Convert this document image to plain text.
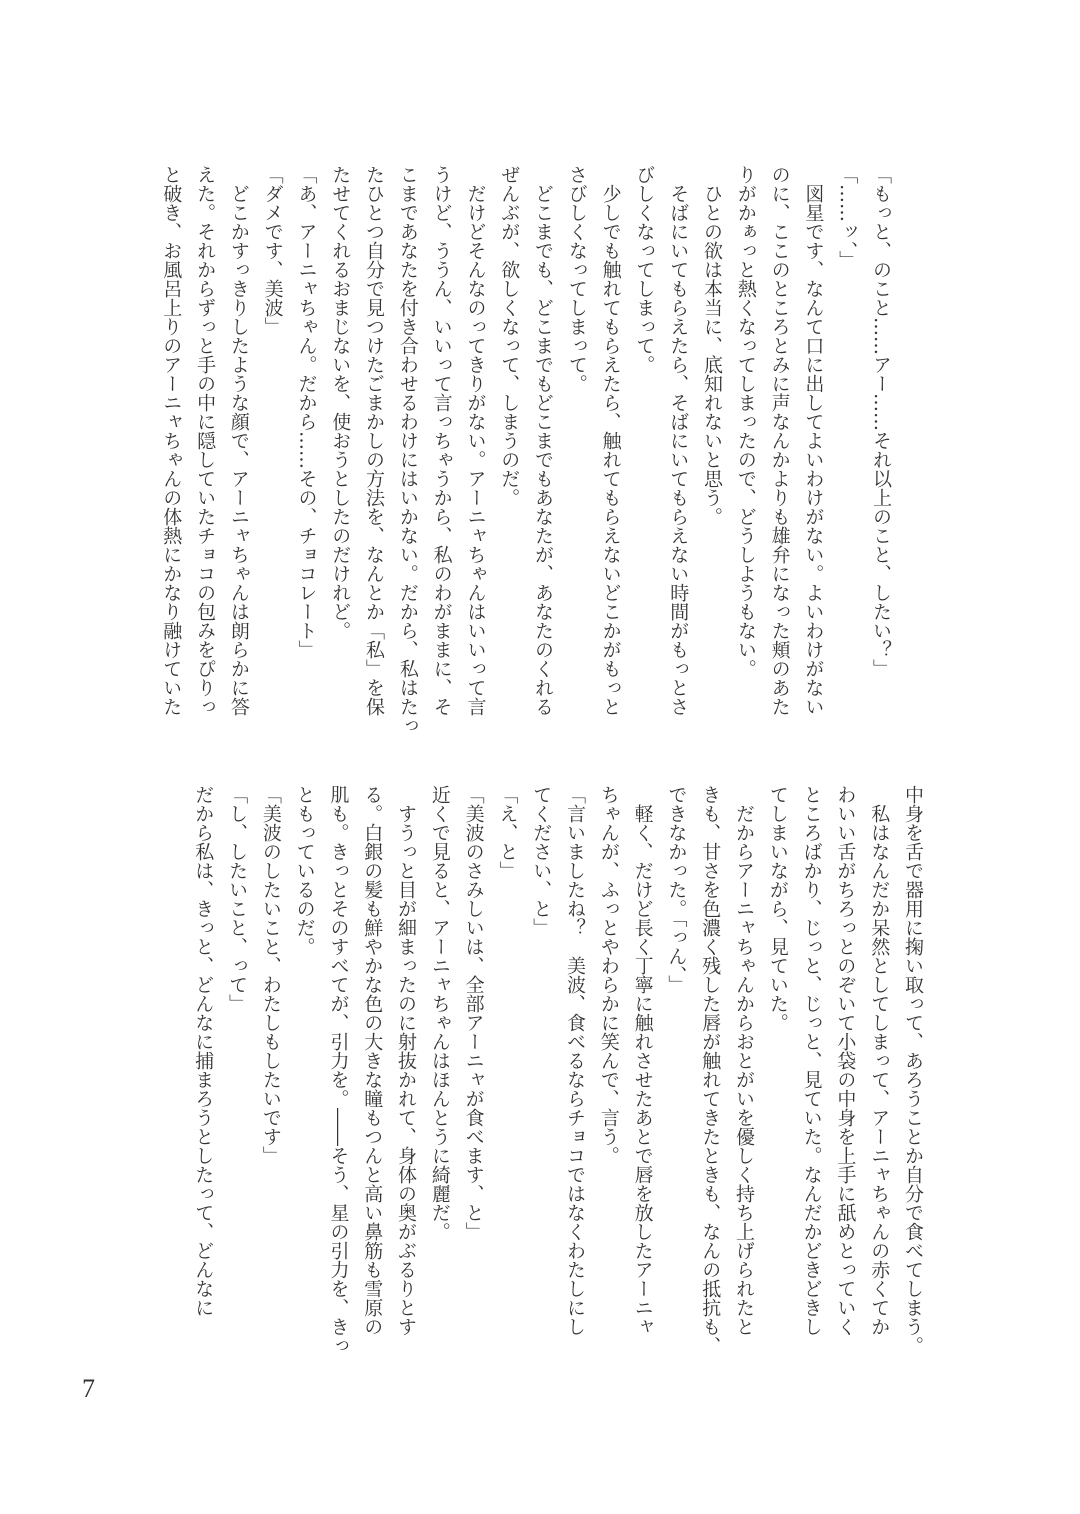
「もっと、のこと……アー……それ以上のこと、したい？」

「……ッ、」

　図星です、なんて口に出してよいわけがない。よいわけがない

のに、ここのところとみに声なんかよりも雄弁になった頬のあた

りがかぁっと熱くなってしまったので、どうしようもない。

　ひとの欲は本当に、底知れないと思う。

　そばにいてもらえたら、そばにいてもらえない時間がもっとさ

びしくなってしまって。

　少しでも触れてもらえたら、触れてもらえないどこかがもっと

さびしくなってしまって。

　どこまでも、どこまでもどこまでもあなたが、あなたのくれる

ぜんぶが、欲しくなって、しまうのだ。

　だけどそんなのってきりがない。アーニャちゃんはいいって言

うけど、ううん、いいって言っちゃうから、私のわがままに、そ

こまであなたを付き合わせるわけにはいかない。だから、私はたっ

たひとつ自分で見つけたごまかしの方法を、なんとか「私」を保

たせてくれるおまじないを、使おうとしたのだけれど。

「あ、アーニャちゃん。だから……その、チョコレート」

「ダメです、美波」

　どこかすっきりしたような顔で、アーニャちゃんは朗らかに答

えた。それからずっと手の中に隠していたチョコの包みをぴりっ

と破き、お風呂上りのアーニャちゃんの体熱にかなり融けていた

中身を舌で器用に掬い取って、あろうことか自分で食べてしまう。

　私はなんだか呆然としてしまって、アーニャちゃんの赤くてか

わいい舌がちろっとのぞいて小袋の中身を上手に舐めとっていく

ところばかり、じっと、じっと、見ていた。なんだかどきどきし

てしまいながら、見ていた。

　だからアーニャちゃんからおとがいを優しく持ち上げられたと

きも、甘さを色濃く残した唇が触れてきたときも、なんの抵抗も、

できなかった。「っん、」

　軽く、だけど長く丁寧に触れさせたあとで唇を放したアーニャ

ちゃんが、ふっとやわらかに笑んで、言う。

「言いましたね？　美波、食べるならチョコではなくわたしにし

てください、と」

「え、と」

「美波のさみしいは、全部アーニャが食べます、と」

近くで見ると、アーニャちゃんはほんとうに綺麗だ。

　すうっと目が細まったのに射抜かれて、身体の奥がぶるりとす

る。白銀の髪も鮮やかな色の大きな瞳もつんと高い鼻筋も雪原の

肌も。きっとそのすべてが、引力を。――そう、星の引力を、きっ

ともっているのだ。

「美波のしたいこと、わたしもしたいです」

「し、したいこと、って」

だから私は、きっと、どんなに捕まろうとしたって、どんなに

7
